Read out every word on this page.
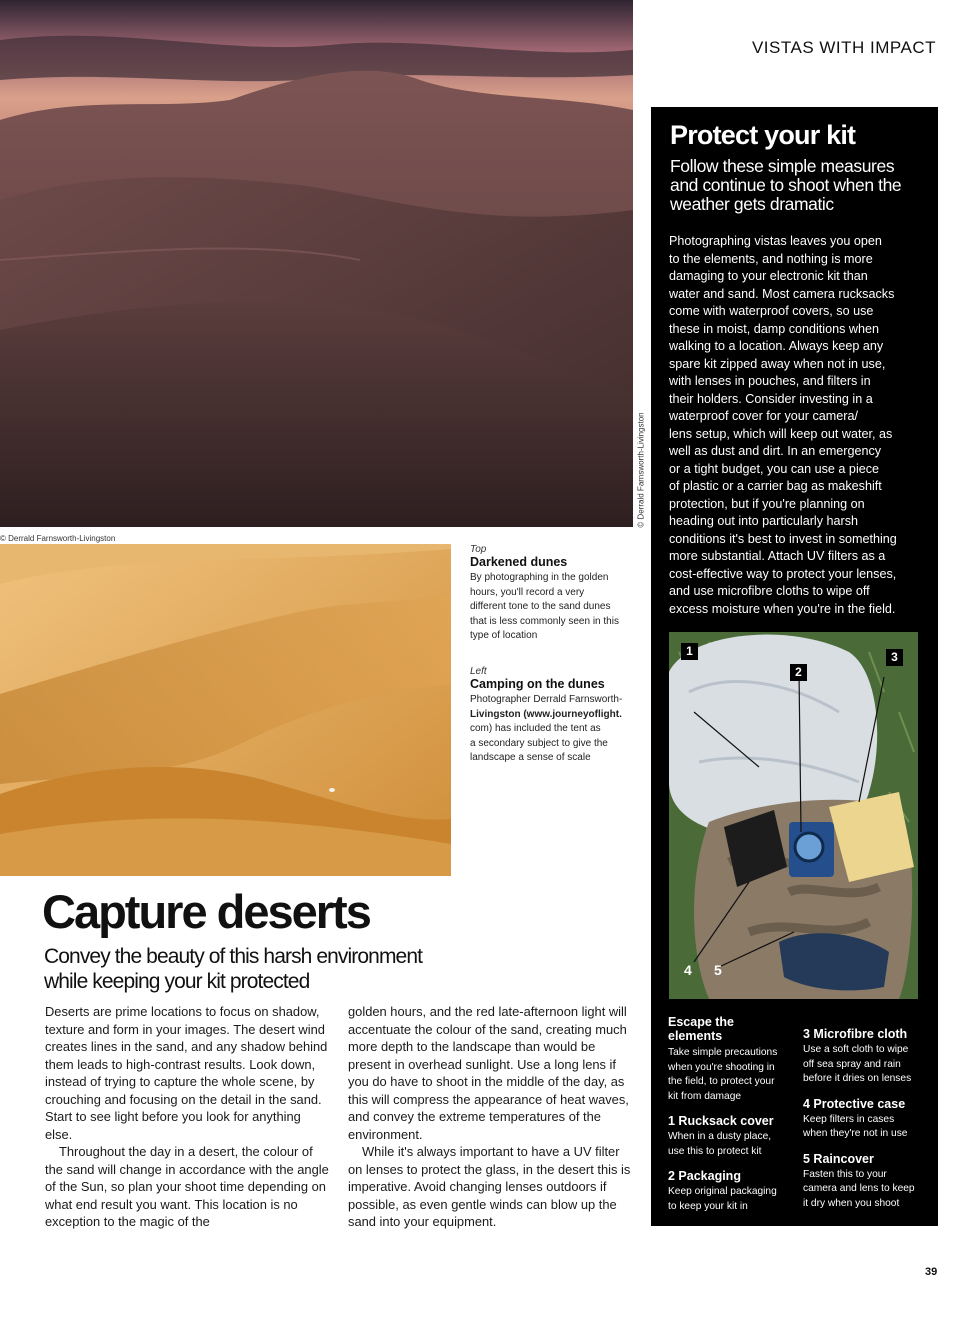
VISTAS WITH IMPACT
© Derrald Farnsworth-Livingston
© Derrald Farnsworth-Livingston
Top
Darkened dunes
By photographing in the golden
hours, you'll record a very
different tone to the sand dunes
that is less commonly seen in this
type of location
Left
Camping on the dunes
Photographer Derrald Farnsworth-
Livingston (www.journeyoflight.
com) has included the tent as
a secondary subject to give the
landscape a sense of scale
Protect your kit
Follow these simple measures
and continue to shoot when the
weather gets dramatic
Photographing vistas leaves you open
to the elements, and nothing is more
damaging to your electronic kit than
water and sand. Most camera rucksacks
come with waterproof covers, so use
these in moist, damp conditions when
walking to a location. Always keep any
spare kit zipped away when not in use,
with lenses in pouches, and filters in
their holders. Consider investing in a
waterproof cover for your camera/
lens setup, which will keep out water, as
well as dust and dirt. In an emergency
or a tight budget, you can use a piece
of plastic or a carrier bag as makeshift
protection, but if you're planning on
heading out into particularly harsh
conditions it's best to invest in something
more substantial. Attach UV filters as a
cost-effective way to protect your lenses,
and use microfibre cloths to wipe off
excess moisture when you're in the field.
1
2
3
4 5
Escape the
elements
Take simple precautions
when you're shooting in
the field, to protect your
kit from damage
1 Rucksack cover
When in a dusty place,
use this to protect kit
2 Packaging
Keep original packaging
to keep your kit in
3 Microfibre cloth
Use a soft cloth to wipe
off sea spray and rain
before it dries on lenses
4 Protective case
Keep filters in cases
when they're not in use
5 Raincover
Fasten this to your
camera and lens to keep
it dry when you shoot
Capture deserts
Convey the beauty of this harsh environment
while keeping your kit protected

Deserts are prime locations to focus on shadow, texture and form in your images. The desert wind creates lines in the sand, and any shadow behind them leads to high-contrast results. Look down, instead of trying to capture the whole scene, by crouching and focusing on the detail in the sand. Start to see light before you look for anything else.

Throughout the day in a desert, the colour of the sand will change in accordance with the angle of the Sun, so plan your shoot time depending on what end result you want. This location is no exception to the magic of the

golden hours, and the red late-afternoon light will accentuate the colour of the sand, creating much more depth to the landscape than would be present in overhead sunlight. Use a long lens if you do have to shoot in the middle of the day, as this will compress the appearance of heat waves, and convey the extreme temperatures of the environment.

While it's always important to have a UV filter on lenses to protect the glass, in the desert this is imperative. Avoid changing lenses outdoors if possible, as even gentle winds can blow up the sand into your equipment.

39
